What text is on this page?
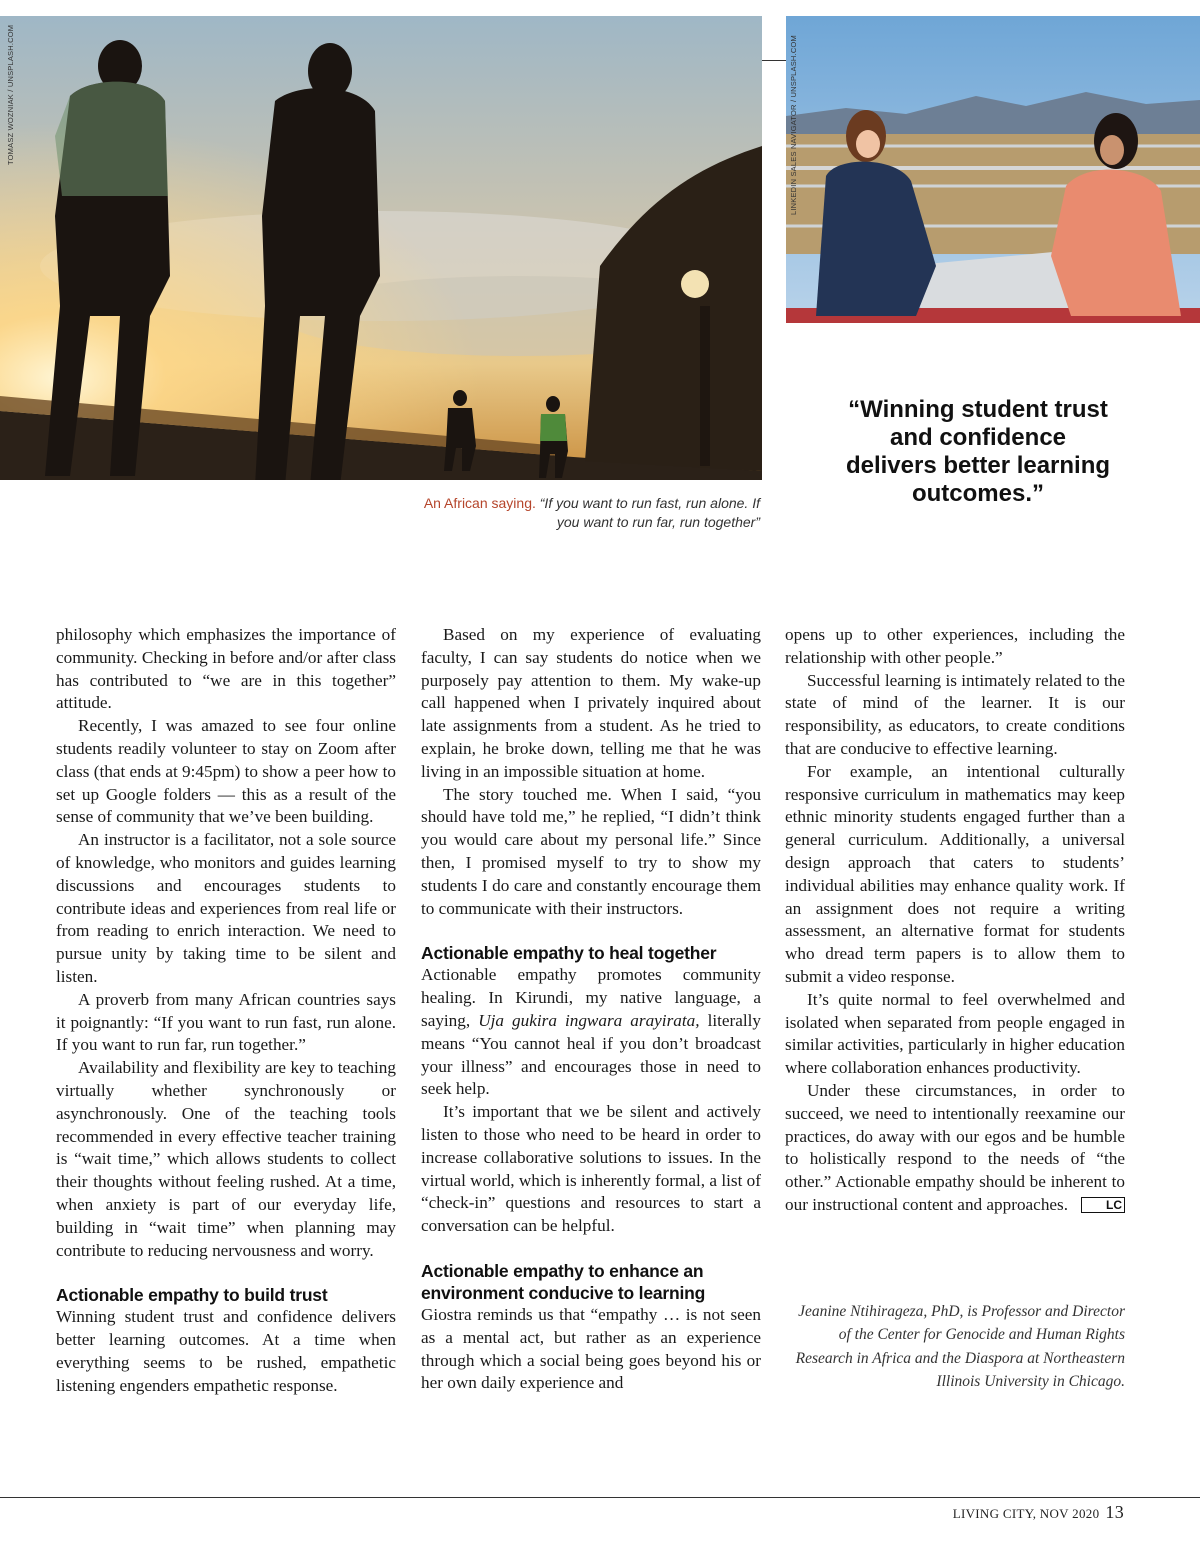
TOMASZ WOZNIAK / UNSPLASH.COM	LINKEDIN SALES NAVIGATOR / UNSPLASH.COM
An African saying. “If you want to run fast, run alone. If you want to run far, run together”
“Winning student trust and confidence delivers better learning outcomes.”

philosophy which emphasizes the importance of community. Checking in before and/or after class has contributed to “we are in this together” attitude.

Recently, I was amazed to see four online students readily volunteer to stay on Zoom after class (that ends at 9:45pm) to show a peer how to set up Google folders — this as a result of the sense of community that we’ve been building.

An instructor is a facilitator, not a sole source of knowledge, who monitors and guides learning discussions and encourages students to contribute ideas and experiences from real life or from reading to enrich interaction. We need to pursue unity by taking time to be silent and listen.

A proverb from many African countries says it poignantly: “If you want to run fast, run alone. If you want to run far, run together.”

Availability and flexibility are key to teaching virtually whether synchronously or asynchronously. One of the teaching tools recommended in every effective teacher training is “wait time,” which allows students to collect their thoughts without feeling rushed. At a time, when anxiety is part of our everyday life, building in “wait time” when planning may contribute to reducing nervousness and worry.

Actionable empathy to build trust

Winning student trust and confidence delivers better learning outcomes. At a time when everything seems to be rushed, empathetic listening engenders empathetic response.

Based on my experience of evaluating faculty, I can say students do notice when we purposely pay attention to them. My wake-up call happened when I privately inquired about late assignments from a student. As he tried to explain, he broke down, telling me that he was living in an impossible situation at home.

The story touched me. When I said, “you should have told me,” he replied, “I didn’t think you would care about my personal life.” Since then, I promised myself to try to show my students I do care and constantly encourage them to communicate with their instructors.

Actionable empathy to heal together

Actionable empathy promotes community healing. In Kirundi, my native language, a saying, Uja gukira ingwara arayirata, literally means “You cannot heal if you don’t broadcast your illness” and encourages those in need to seek help.

It’s important that we be silent and actively listen to those who need to be heard in order to increase collaborative solutions to issues. In the virtual world, which is inherently formal, a list of “check-in” questions and resources to start a conversation can be helpful.

Actionable empathy to enhance an environment conducive to learning

Giostra reminds us that “empathy … is not seen as a mental act, but rather as an experience through which a social being goes beyond his or her own daily experience and

opens up to other experiences, including the relationship with other people.”

Successful learning is intimately related to the state of mind of the learner. It is our responsibility, as educators, to create conditions that are conducive to effective learning.

For example, an intentional culturally responsive curriculum in mathematics may keep ethnic minority students engaged further than a general curriculum. Additionally, a universal design approach that caters to students’ individual abilities may enhance quality work. If an assignment does not require a writing assessment, an alternative format for students who dread term papers is to allow them to submit a video response.

It’s quite normal to feel overwhelmed and isolated when separated from people engaged in similar activities, particularly in higher education where collaboration enhances productivity.

Under these circumstances, in order to succeed, we need to intentionally reexamine our practices, do away with our egos and be humble to holistically respond to the needs of “the other.” Actionable empathy should be inherent to our instructional content and approaches.	LC

Jeanine Ntihirageza, PhD, is Professor and Director of the Center for Genocide and Human Rights Research in Africa and the Diaspora at Northeastern Illinois University in Chicago.
LIVING CITY, NOV 2020 13
